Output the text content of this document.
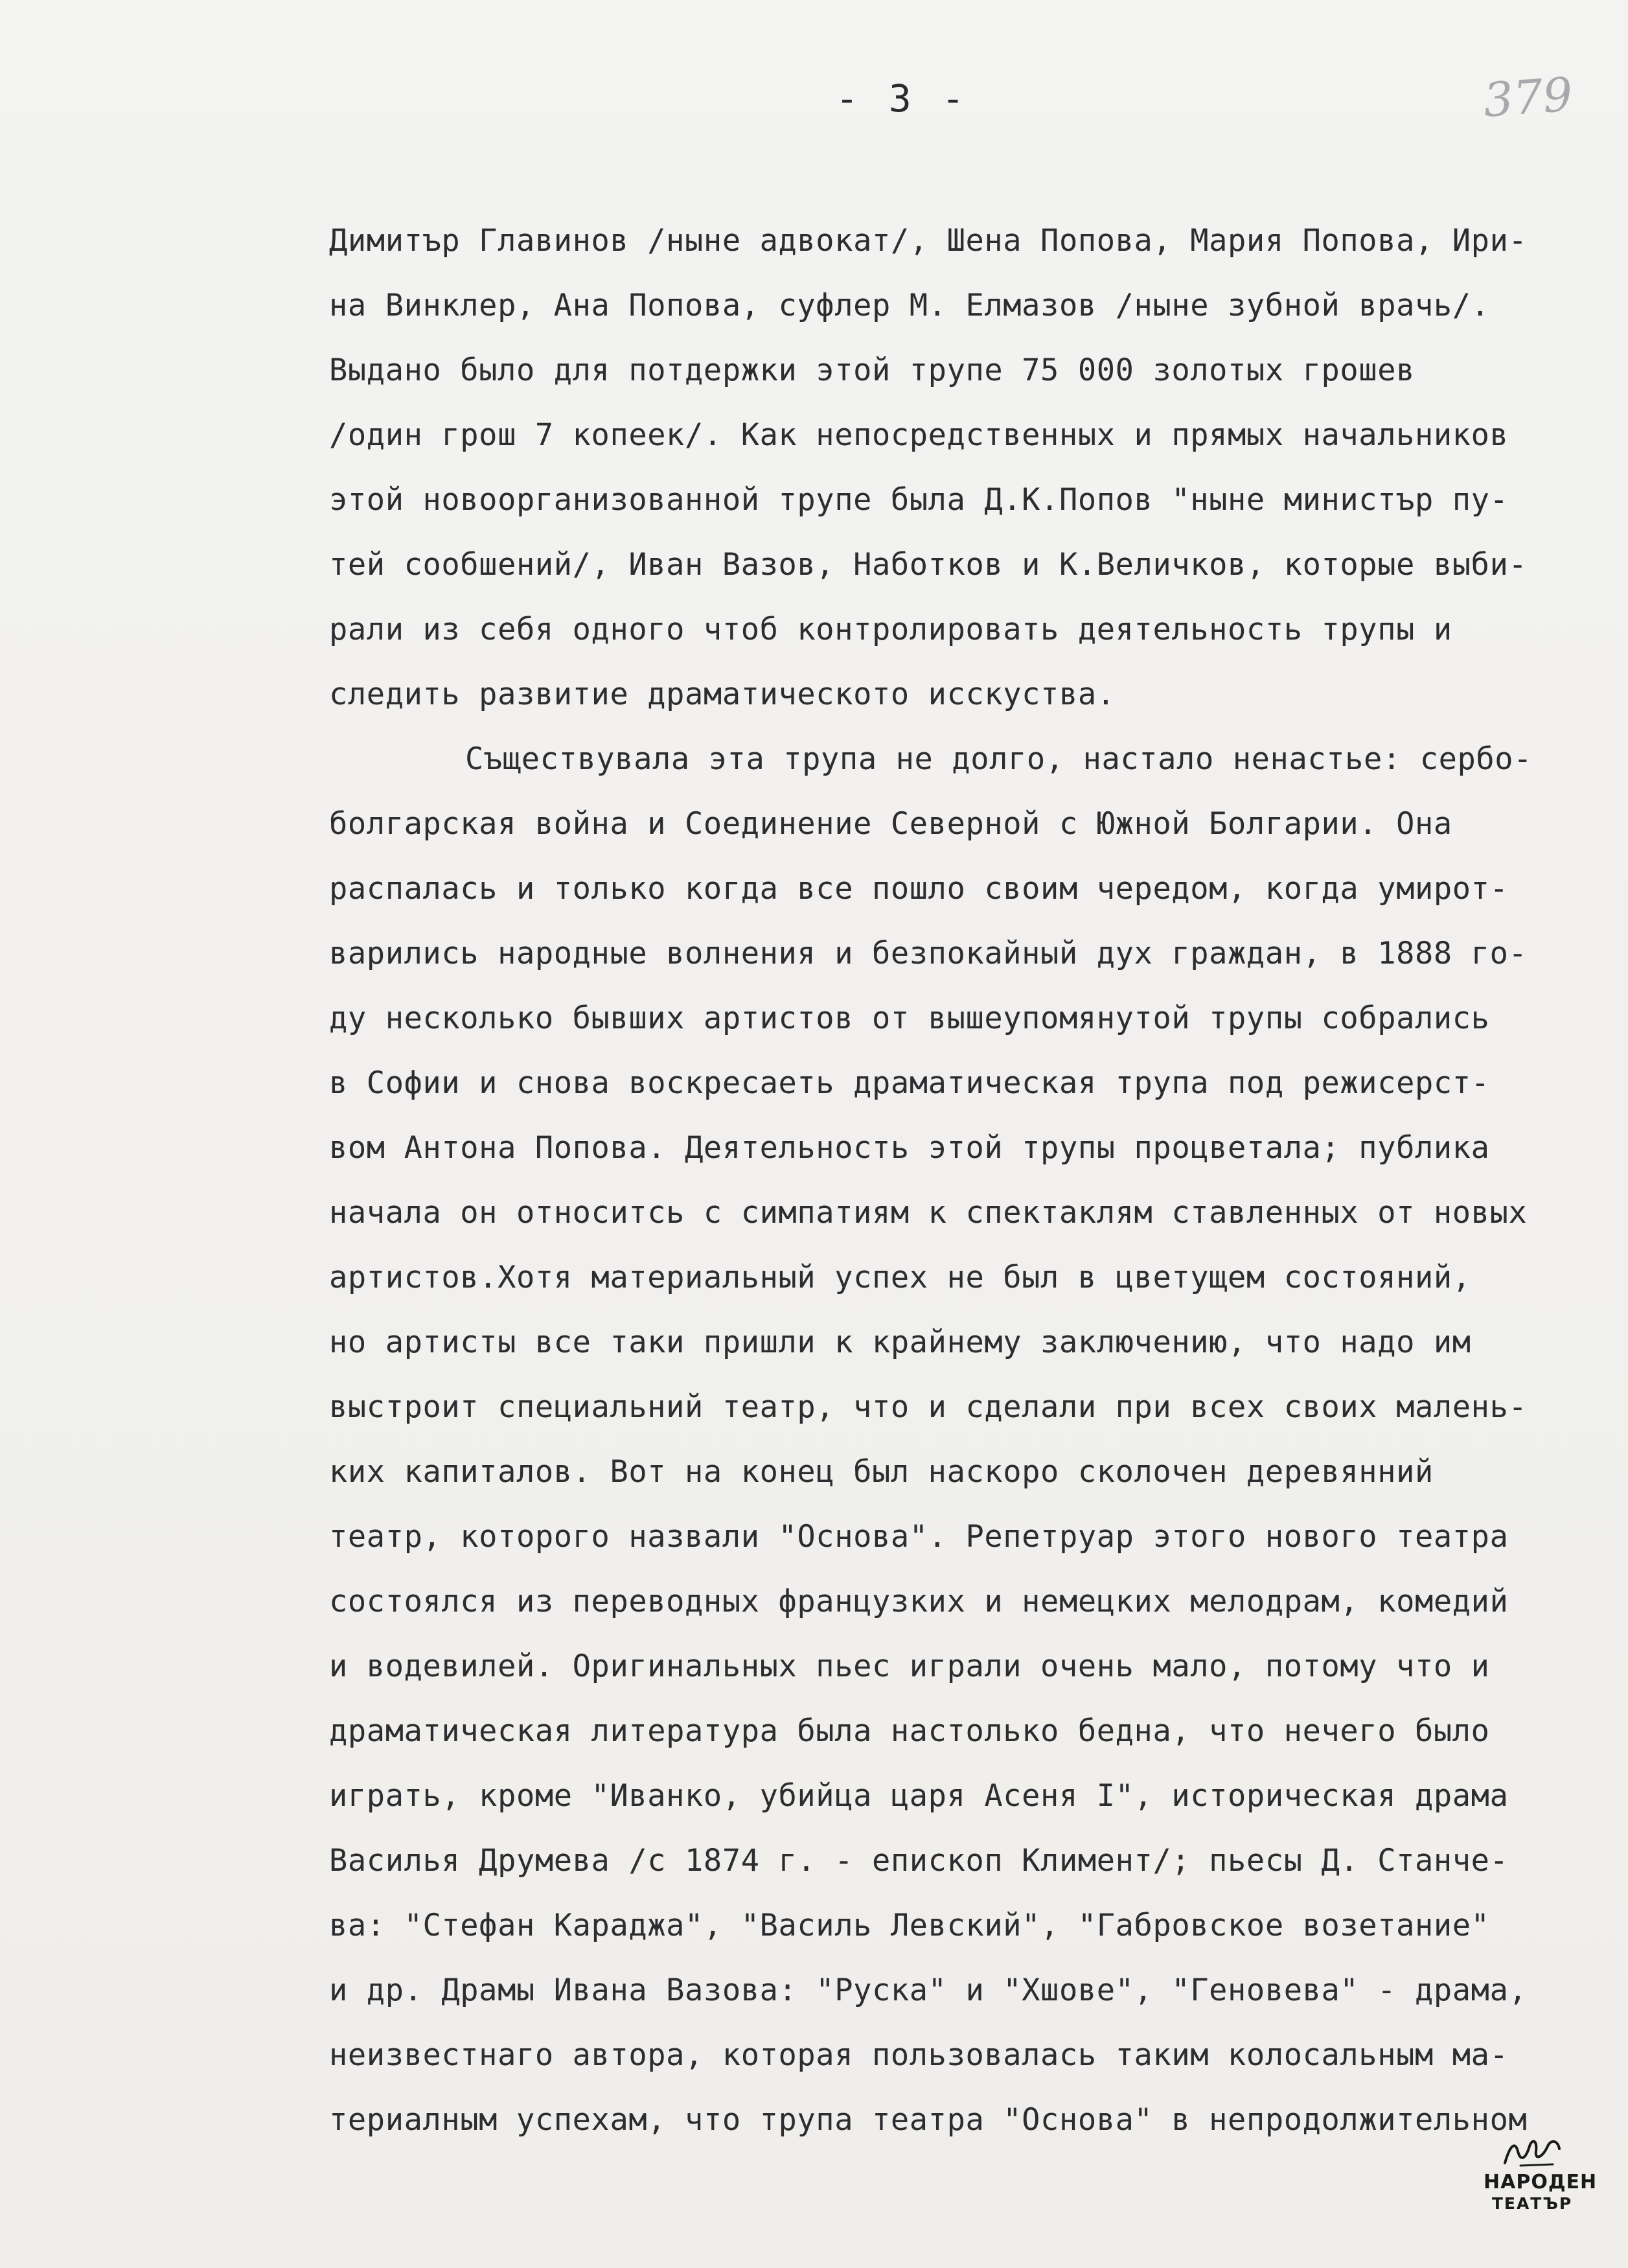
- 3 -	379
Димитър Главинов /ныне адвокат/, Шена Попова, Мария Попова, Ири-
на Винклер, Ана Попова, суфлер М. Елмазов /ныне зубной врачь/.
Выдано было для потдержки этой трупе 75 000 золотых грошев
/один грош 7 копеек/. Как непосредственных и прямых начальников
этой новоорганизованной трупе была Д.К.Попов "ныне министър пу-
тей сообшений/, Иван Вазов, Наботков и К.Величков, которые выби-
рали из себя одного чтоб контролировать деятельность трупы и
следить развитие драматическото исскуства.
Съществувала эта трупа не долго, настало ненастье: сербо-
болгарская война и Соединение Северной с Южной Болгарии. Она
распалась и только когда все пошло своим чередом, когда умирот-
варились народные волнения и безпокайный дух граждан, в 1888 го-
ду несколько бывших артистов от вышеупомянутой трупы собрались
в Софии и снова воскресаеть драматическая трупа под режисерст-
вом Антона Попова. Деятельность этой трупы процветала; публика
начала он относитсь с симпатиям к спектаклям ставленных от новых
артистов.Хотя материальный успех не был в цветущем состояний,
но артисты все таки пришли к крайнему заключению, что надо им
выстроит специальний театр, что и сделали при всех своих малень-
ких капиталов. Вот на конец был наскоро сколочен деревянний
театр, которого назвали "Основа". Репетруар этого нового театра
состоялся из переводных французких и немецких мелодрам, комедий
и водевилей. Оригинальных пьес играли очень мало, потому что и
драматическая литература была настолько бедна, что нечего было
играть, кроме "Иванко, убийца царя Асеня I", историческая драма
Василья Друмева /с 1874 г. - епископ Климент/; пьесы Д. Станче-
ва: "Стефан Караджа", "Василь Левский", "Габровское возетание"
и др. Драмы Ивана Вазова: "Руска" и "Хшове", "Геновева" - драма,
неизвестнаго автора, которая пользовалась таким колосальным ма-
териалным успехам, что трупа театра "Основа" в непродолжительном
НАРОДЕН
ТЕАТЪР
